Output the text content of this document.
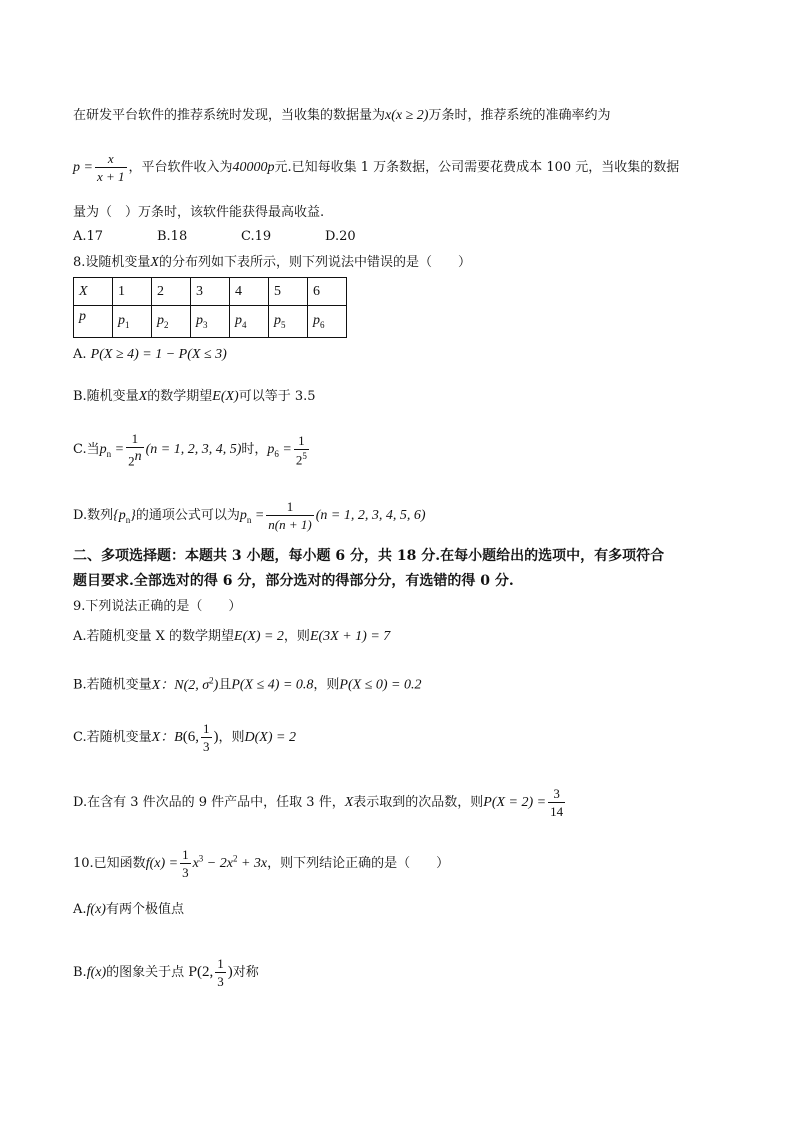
在研发平台软件的推荐系统时发现，当收集的数据量为x(x ≥ 2)万条时，推荐系统的准确率约为
$p = \frac{x}{x + 1}$ ，平台软件收入为40000p元.已知每收集 1 万条数据，公司需要花费成本 100 元，当收集的数据
量为（　）万条时，该软件能获得最高收益.
A.17	B.18	C.19	D.20
8.设随机变量X的分布列如下表所示，则下列说法中错误的是（　　）
X	1	2	3	4	5	6
p	$p_1$	$p_2$	$p_3$	$p_4$	$p_5$	$p_6$
A. P(X ≥ 4) = 1 − P(X ≤ 3)
B.随机变量X的数学期望E(X)可以等于 3.5
C.当$p_n = \frac{1}{2^n} (n = 1$, 2, 3, 4, 5)时，$p_6 = \frac{1}{2^5}$
D.数列$\{p_n\}$的通项公式可以为$p_n = \frac{1}{n(n + 1)} (n = 1$, 2, 3, 4, 5, 6)
二、多项选择题：本题共 3 小题，每小题 6 分，共 18 分.在每小题给出的选项中，有多项符合
题目要求.全部选对的得 6 分，部分选对的得部分分，有选错的得 0 分.
9.下列说法正确的是（　　）
A.若随机变量 X 的数学期望E(X) = 2，则E(3X + 1) = 7
B.若随机变量X：N(2, $\sigma^2$)且P(X ≤ 4) = 0.8，则P(X ≤ 0) = 0.2
C.若随机变量X：B(6, $\frac{1}{3}$ )，则D(X) = 2
D.在含有 3 件次品的 9 件产品中，任取 3 件，X表示取到的次品数，则$P(X = 2) = \frac{3}{14}$
10.已知函数$f(x) = \frac{1}{3} x^3 - 2x^2 + 3x$，则下列结论正确的是（　　）
A.f(x)有两个极值点
B.f(x)的图象关于点 P(2, $\frac{1}{3}$ )对称
